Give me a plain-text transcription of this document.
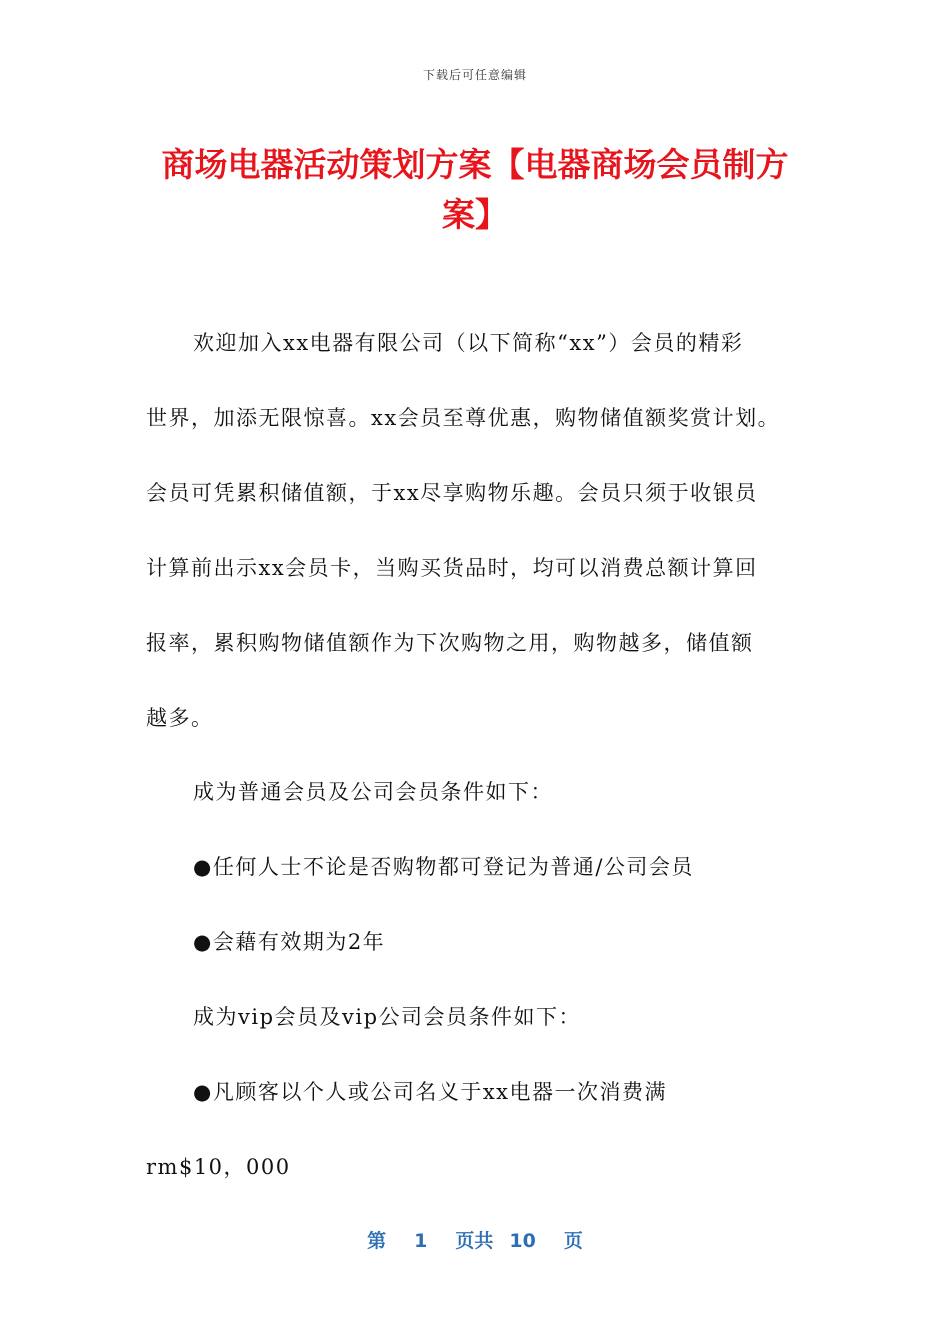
下载后可任意编辑
商场电器活动策划方案【电器商场会员制方
案】
欢迎加入xx电器有限公司（以下简称“xx”）会员的精彩
世界，加添无限惊喜。xx会员至尊优惠，购物储值额奖赏计划。
会员可凭累积储值额，于xx尽享购物乐趣。会员只须于收银员
计算前出示xx会员卡，当购买货品时，均可以消费总额计算回
报率，累积购物储值额作为下次购物之用，购物越多，储值额
越多。
成为普通会员及公司会员条件如下：
●任何人士不论是否购物都可登记为普通/公司会员
●会藉有效期为2年
成为vip会员及vip公司会员条件如下：
●凡顾客以个人或公司名义于xx电器一次消费满
rm$10，000
第 1 页共 10 页
